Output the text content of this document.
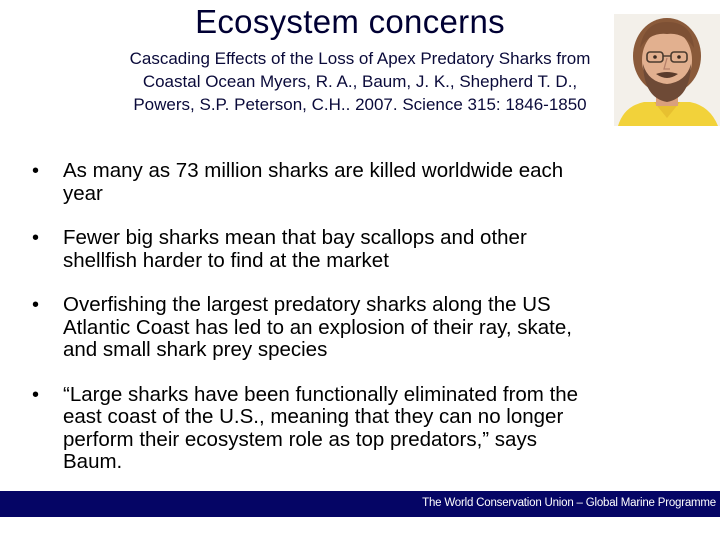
Ecosystem concerns
Cascading Effects of the Loss of Apex Predatory Sharks from
Coastal Ocean Myers, R. A., Baum, J. K., Shepherd T. D.,
Powers, S.P. Peterson, C.H.. 2007. Science 315: 1846-1850
• As many as 73 million sharks are killed worldwide each
year
• Fewer big sharks mean that bay scallops and other
shellfish harder to find at the market
• Overfishing the largest predatory sharks along the US
Atlantic Coast has led to an explosion of their ray, skate,
and small shark prey species
• “Large sharks have been functionally eliminated from the
east coast of the U.S., meaning that they can no longer
perform their ecosystem role as top predators,” says
Baum.
The World Conservation Union – Global Marine Programme
